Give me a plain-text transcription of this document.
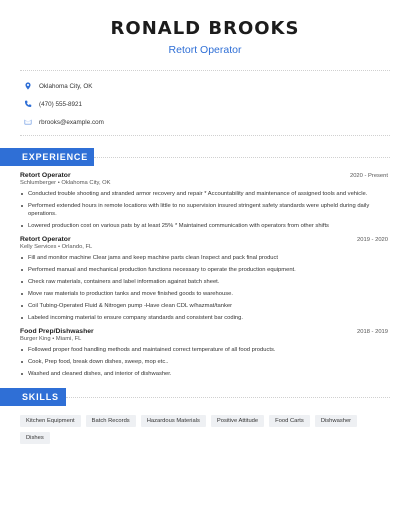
RONALD BROOKS
Retort Operator
Oklahoma City, OK
(470) 555-8921
rbrooks@example.com
EXPERIENCE
Retort Operator	2020 - Present
Schlumberger • Oklahoma City, OK
Conducted trouble shooting and stranded armor recovery and repair * Accountability and maintenance of assigned tools and vehicle.
Performed extended hours in remote locations with little to no supervision insured stringent safety standards were upheld during daily operations.
Lowered production cost on various pats by at least 25% * Maintained communication with operators from other shifts
Retort Operator	2019 - 2020
Kelly Services • Orlando, FL
Fill and monitor machine Clear jams and keep machine parts clean Inspect and pack final product
Performed manual and mechanical production functions necessary to operate the production equipment.
Check raw materials, containers and label information against batch sheet.
Move raw materials to production tanks and move finished goods to warehouse.
Coil Tubing-Operated Fluid & Nitrogen pump -Have clean CDL w/hazmat/tanker
Labeled incoming material to ensure company standards and consistent bar coding.
Food Prep/Dishwasher	2018 - 2019
Burger King • Miami, FL
Followed proper food handling methods and maintained correct temperature of all food products.
Cook, Prep food, break down dishes, sweep, mop etc..
Washed and cleaned dishes, and interior of dishwasher.
SKILLS
Kitchen Equipment	Batch Records	Hazardous Materials	Positive Attitude	Food Carts	Dishwasher
Dishes
